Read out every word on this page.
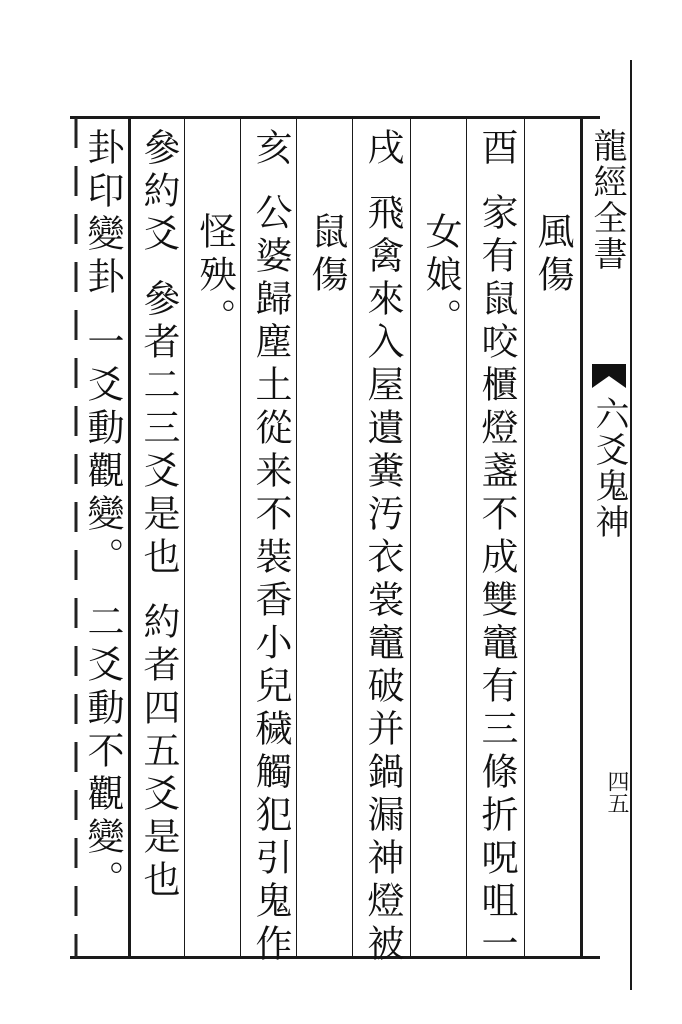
龍經全書
六爻鬼神
四五
風傷
酉家有鼠咬櫃燈盞不成雙竈有三條折呪咀一
女娘。
戌飛禽來入屋遺糞汚衣裳竈破并鍋漏神燈被
鼠傷
亥公婆歸塵土從来不裝香小兒穢觸犯引鬼作
怪殃。
參約爻參者二三爻是也約者四五爻是也
卦印變卦一爻動觀變。二爻動不觀變。
